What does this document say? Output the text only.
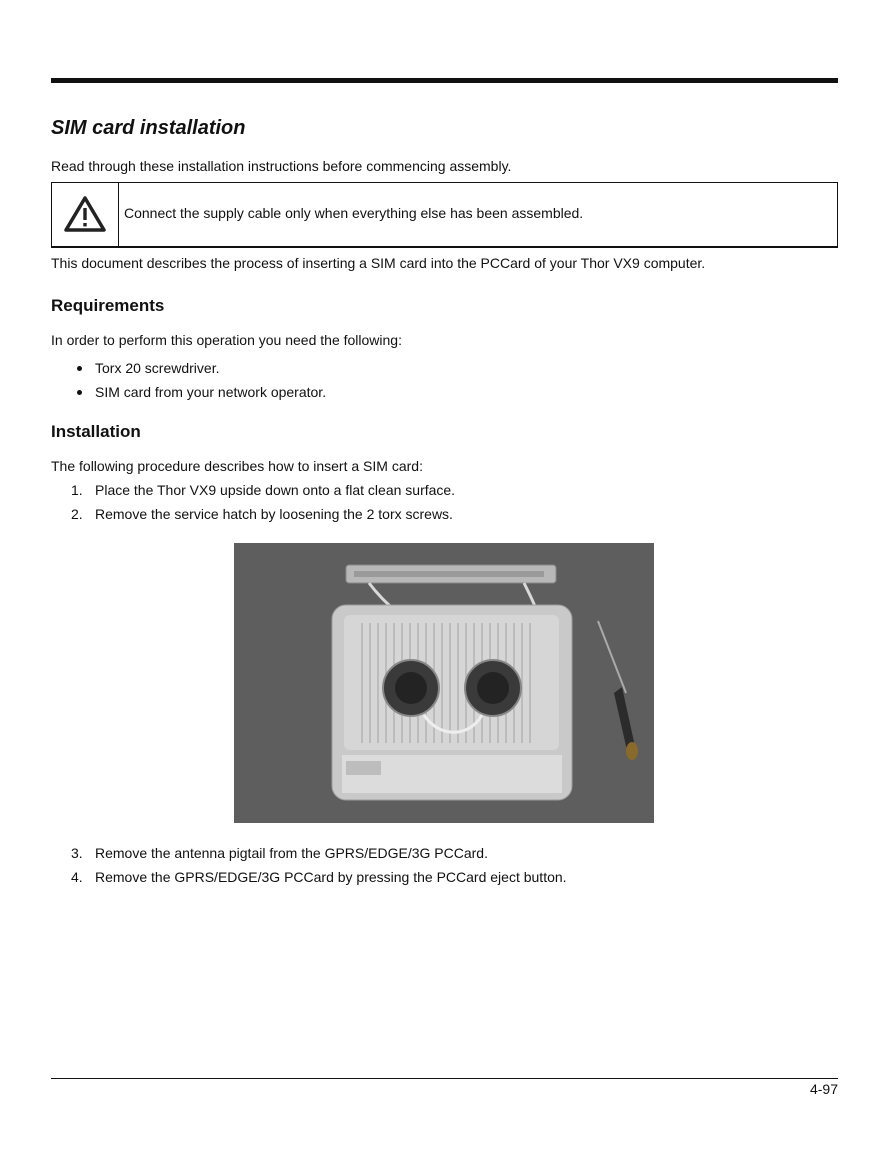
SIM card installation

Read through these installation instructions before commencing assembly.

Connect the supply cable only when everything else has been assembled.

This document describes the process of inserting a SIM card into the PCCard of your Thor VX9 computer.

Requirements

In order to perform this operation you need the following:

Torx 20 screwdriver.
SIM card from your network operator.
Installation

The following procedure describes how to insert a SIM card:

1. Place the Thor VX9 upside down onto a flat clean surface.
2. Remove the service hatch by loosening the 2 torx screws.
3. Remove the antenna pigtail from the GPRS/EDGE/3G PCCard.
4. Remove the GPRS/EDGE/3G PCCard by pressing the PCCard eject button.
4-97
